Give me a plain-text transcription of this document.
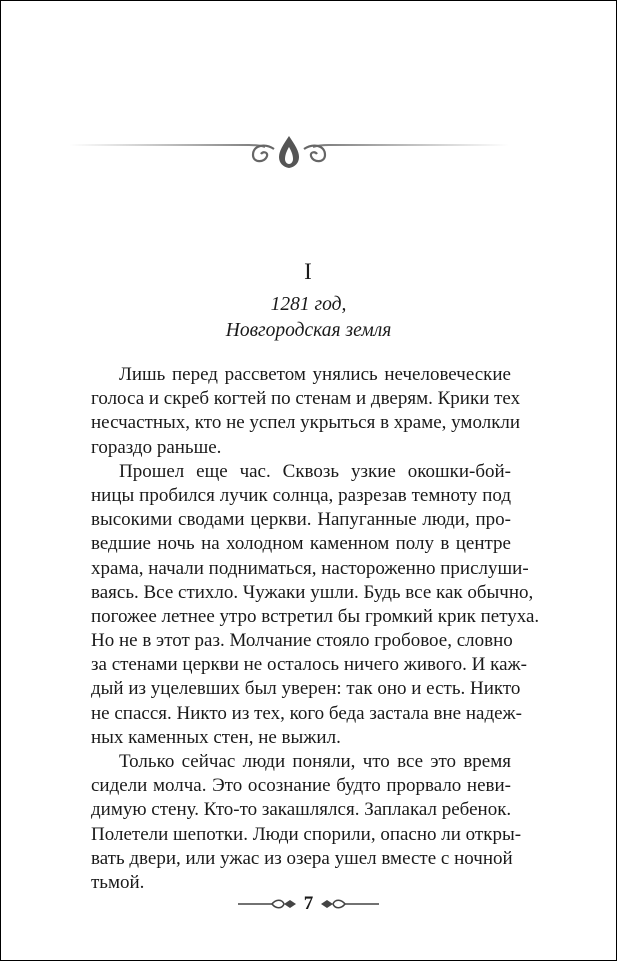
I
1281 год,
Новгородская земля
Лишь перед рассветом унялись нечеловеческие
голоса и скреб когтей по стенам и дверям. Крики тех
несчастных, кто не успел укрыться в храме, умолкли
гораздо раньше.
Прошел еще час. Сквозь узкие окошки-бой-
ницы пробился лучик солнца, разрезав темноту под
высокими сводами церкви. Напуганные люди, про-
ведшие ночь на холодном каменном полу в центре
храма, начали подниматься, настороженно прислуши-
ваясь. Все стихло. Чужаки ушли. Будь все как обычно,
погожее летнее утро встретил бы громкий крик петуха.
Но не в этот раз. Молчание стояло гробовое, словно
за стенами церкви не осталось ничего живого. И каж-
дый из уцелевших был уверен: так оно и есть. Никто
не спасся. Никто из тех, кого беда застала вне надеж-
ных каменных стен, не выжил.
Только сейчас люди поняли, что все это время
сидели молча. Это осознание будто прорвало неви-
димую стену. Кто-то закашлялся. Заплакал ребенок.
Полетели шепотки. Люди спорили, опасно ли откры-
вать двери, или ужас из озера ушел вместе с ночной
тьмой.
7
